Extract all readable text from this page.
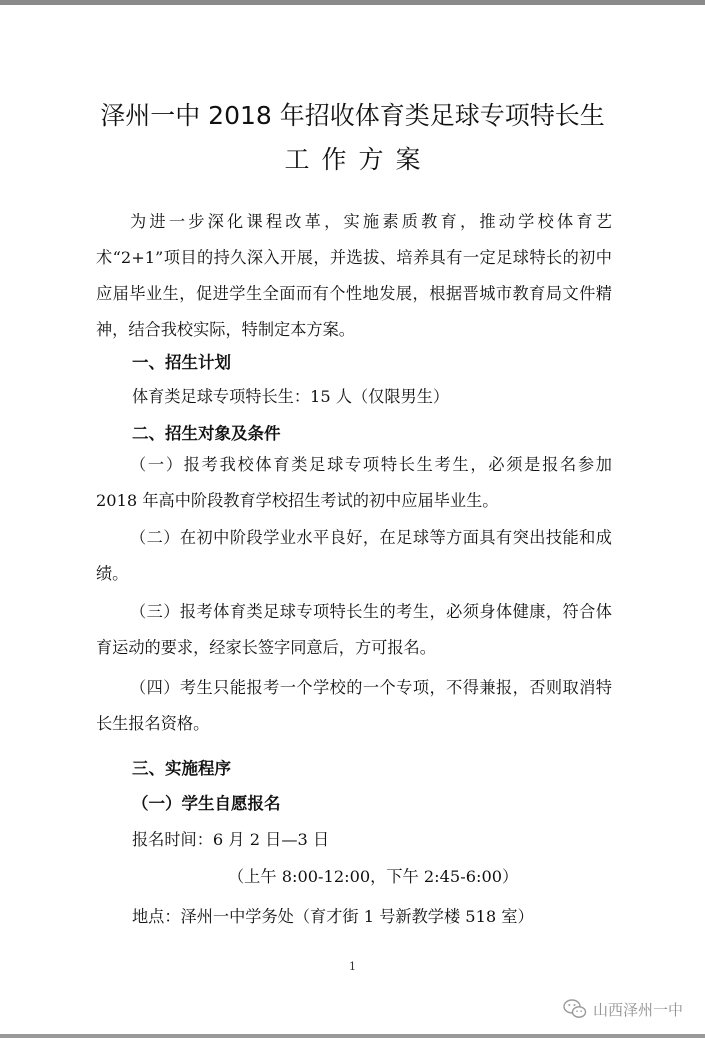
泽州一中 2018 年招收体育类足球专项特长生
工作方案

为进一步深化课程改革，实施素质教育，推动学校体育艺术“2+1”项目的持久深入开展，并选拔、培养具有一定足球特长的初中应届毕业生，促进学生全面而有个性地发展，根据晋城市教育局文件精神，结合我校实际，特制定本方案。

一、招生计划
体育类足球专项特长生：15 人（仅限男生）
二、招生对象及条件

（一）报考我校体育类足球专项特长生考生，必须是报名参加 2018 年高中阶段教育学校招生考试的初中应届毕业生。

（二）在初中阶段学业水平良好，在足球等方面具有突出技能和成绩。

（三）报考体育类足球专项特长生的考生，必须身体健康，符合体育运动的要求，经家长签字同意后，方可报名。

（四）考生只能报考一个学校的一个专项，不得兼报，否则取消特长生报名资格。

三、实施程序
（一）学生自愿报名
报名时间：6 月 2 日—3 日
（上午 8:00-12:00，下午 2:45-6:00）
地点：泽州一中学务处（育才街 1 号新教学楼 518 室）
1
山西泽州一中
